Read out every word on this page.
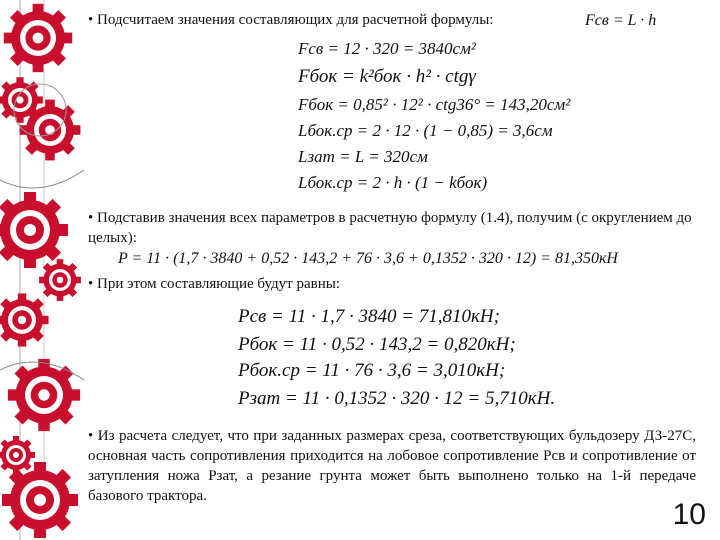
• Подсчитаем значения составляющих для расчетной формулы:	Fсв = L · h
Fсв = 12 · 320 = 3840см²
Fбок = k²бок · h² · ctgγ
Fбок = 0,85² · 12² · ctg36° = 143,20см²
Lбок.ср = 2 · 12 · (1 − 0,85) = 3,6см
Lзат = L = 320см
Lбок.ср = 2 · h · (1 − kбок)
• Подставив значения всех параметров в расчетную формулу (1.4), получим (с округлением до целых):
P = 11 · (1,7 · 3840 + 0,52 · 143,2 + 76 · 3,6 + 0,1352 · 320 · 12) = 81,350кН
• При этом составляющие будут равны:
Pсв = 11 · 1,7 · 3840 = 71,810кН;
Pбок = 11 · 0,52 · 143,2 = 0,820кН;
Pбок.ср = 11 · 76 · 3,6 = 3,010кН;
Pзат = 11 · 0,1352 · 320 · 12 = 5,710кН.
• Из расчета следует, что при заданных размерах среза, соответствующих бульдозеру ДЗ-27С, основная часть сопротивления приходится на лобовое сопротивление Pсв и сопротивление от затупления ножа Pзат, а резание грунта может быть выполнено только на 1-й передаче базового трактора.
10
